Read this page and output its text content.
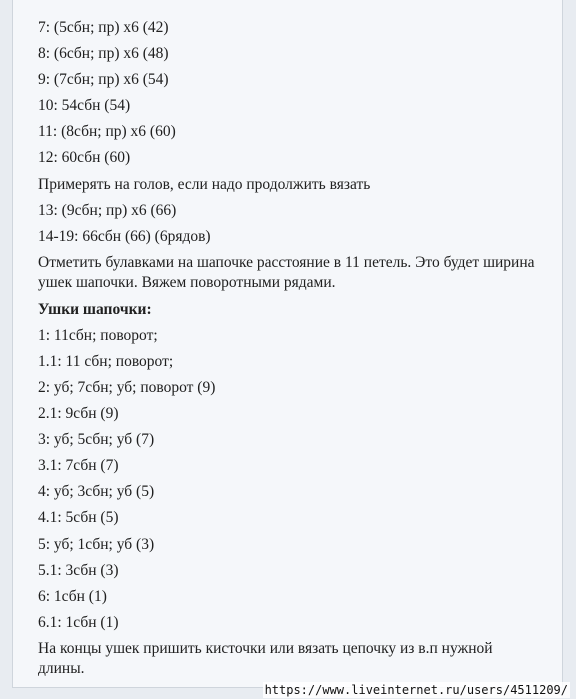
7: (5сбн; пр) х6 (42)
8: (6сбн; пр) х6 (48)
9: (7сбн; пр) х6 (54)
10: 54сбн (54)
11: (8сбн; пр) х6 (60)
12: 60сбн (60)
Примерять на голов, если надо продолжить вязать
13: (9сбн; пр) х6 (66)
14-19: 66сбн (66) (6рядов)
Отметить булавками на шапочке расстояние в 11 петель. Это будет ширина ушек шапочки. Вяжем поворотными рядами.
Ушки шапочки:
1: 11сбн; поворот;
1.1: 11 сбн; поворот;
2: уб; 7сбн; уб; поворот (9)
2.1: 9сбн (9)
3: уб; 5сбн; уб (7)
3.1: 7сбн (7)
4: уб; 3сбн; уб (5)
4.1: 5сбн (5)
5: уб; 1сбн; уб (3)
5.1: 3сбн (3)
6: 1сбн (1)
6.1: 1сбн (1)
На концы ушек пришить кисточки или вязать цепочку из в.п нужной длины.
https://www.liveinternet.ru/users/4511209/
